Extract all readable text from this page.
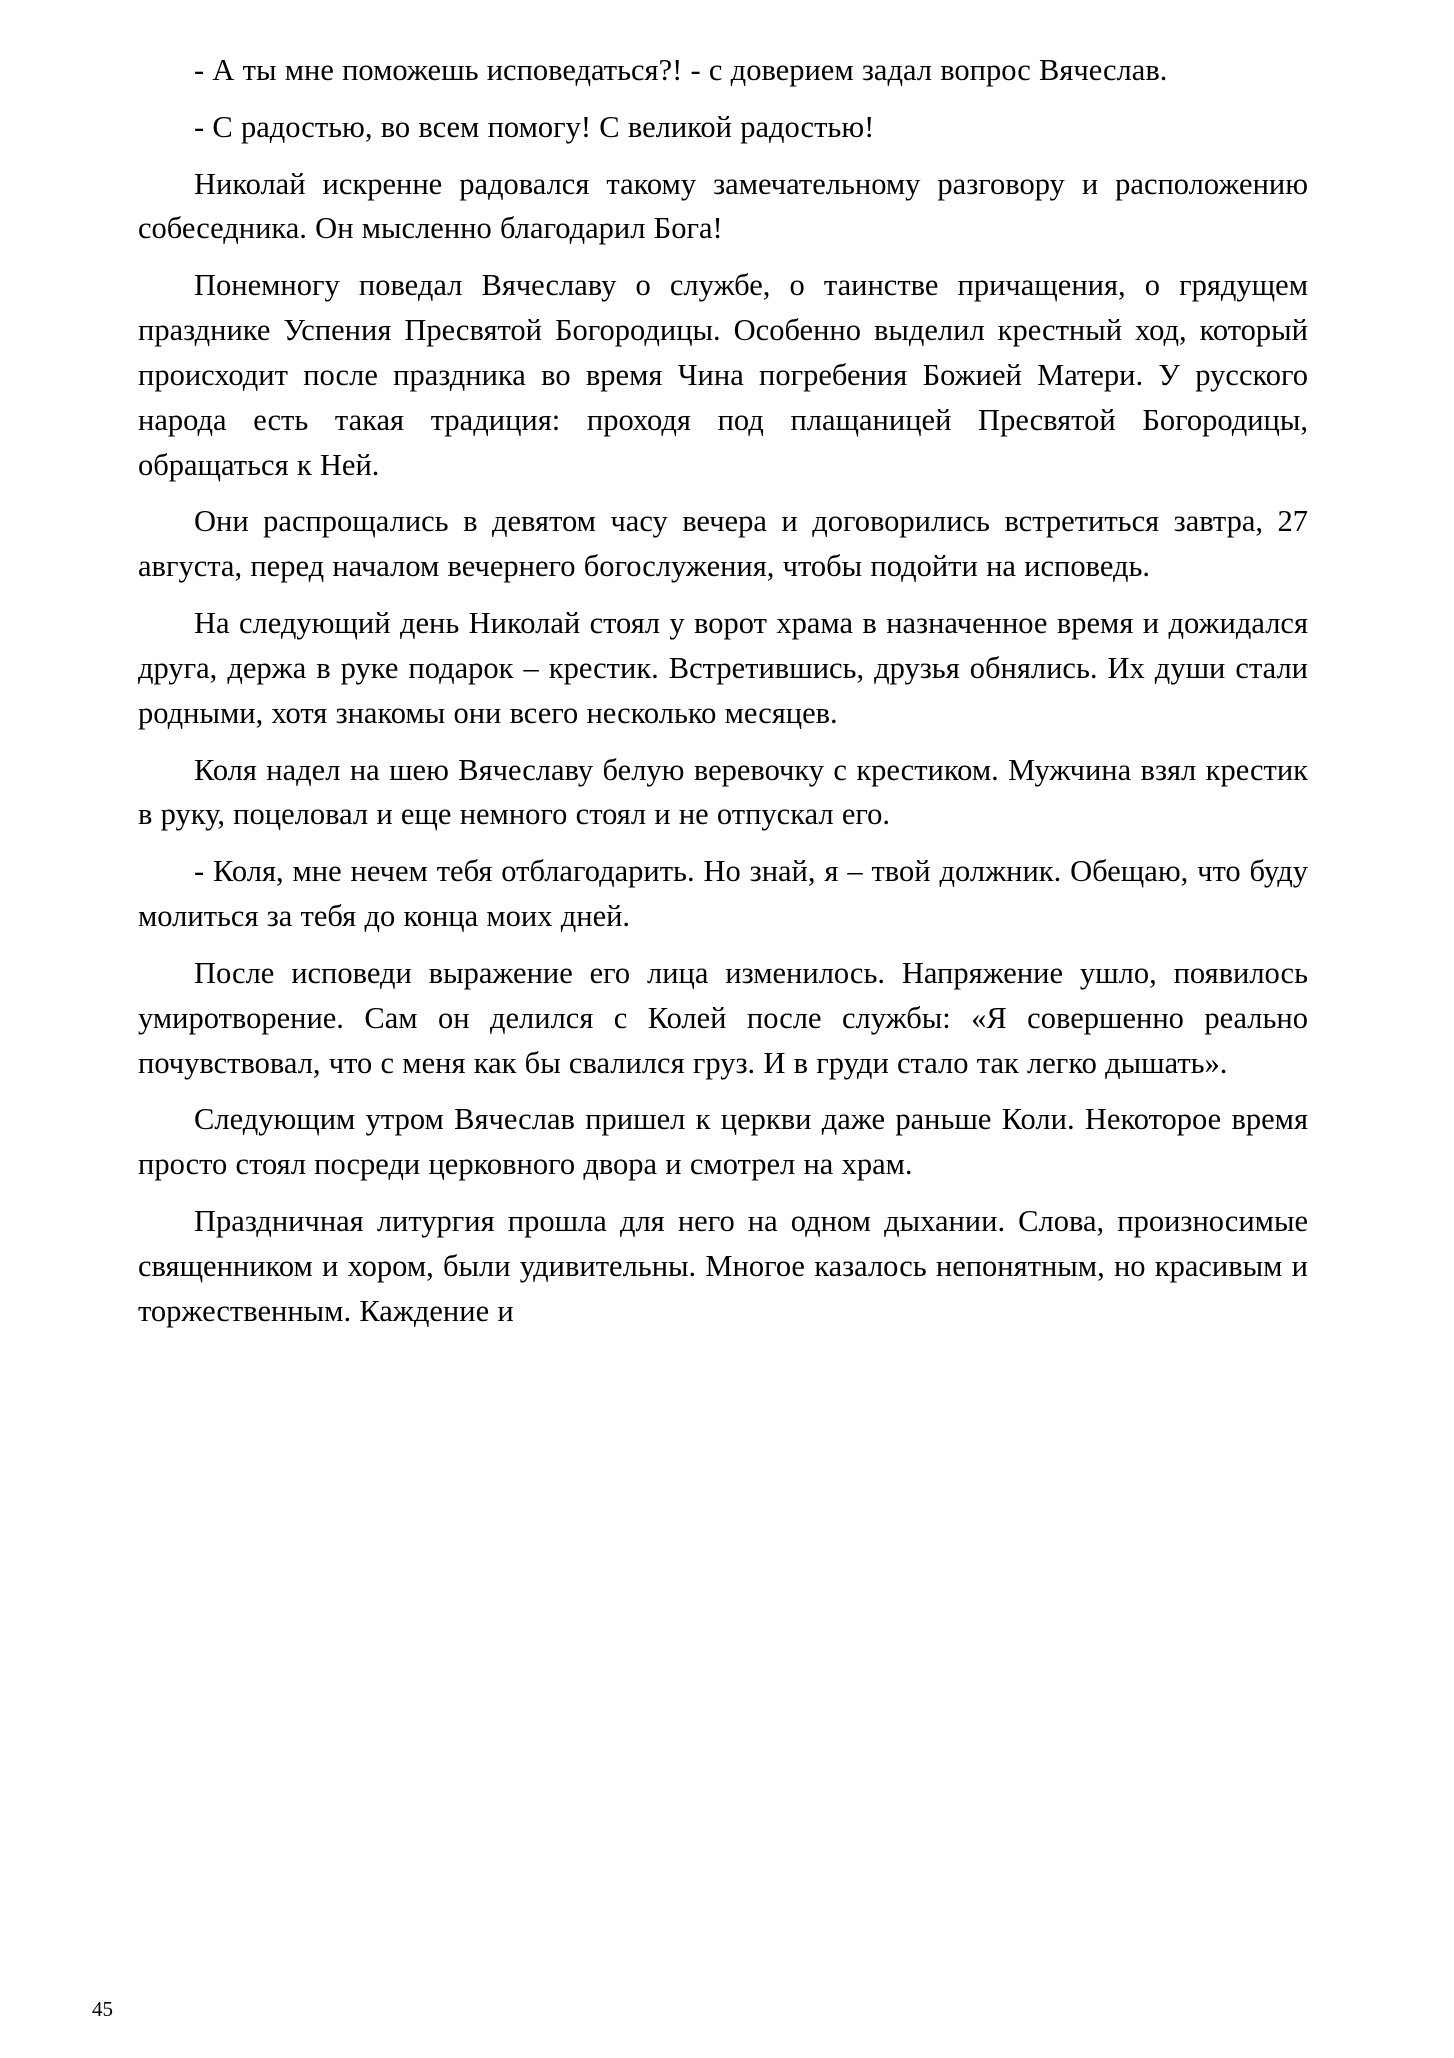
- А ты мне поможешь исповедаться?! - с доверием задал вопрос Вячеслав.

- С радостью, во всем помогу! С великой радостью!

Николай искренне радовался такому замечательному разговору и расположению собеседника. Он мысленно благодарил Бога!

Понемногу поведал Вячеславу о службе, о таинстве причащения, о грядущем празднике Успения Пресвятой Богородицы. Особенно выделил крестный ход, который происходит после праздника во время Чина погребения Божией Матери. У русского народа есть такая традиция: проходя под плащаницей Пресвятой Богородицы, обращаться к Ней.

Они распрощались в девятом часу вечера и договорились встретиться завтра, 27 августа, перед началом вечернего богослужения, чтобы подойти на исповедь.

На следующий день Николай стоял у ворот храма в назначенное время и дожидался друга, держа в руке подарок – крестик. Встретившись, друзья обнялись. Их души стали родными, хотя знакомы они всего несколько месяцев.

Коля надел на шею Вячеславу белую веревочку с крестиком. Мужчина взял крестик в руку, поцеловал и еще немного стоял и не отпускал его.

- Коля, мне нечем тебя отблагодарить. Но знай, я – твой должник. Обещаю, что буду молиться за тебя до конца моих дней.

После исповеди выражение его лица изменилось. Напряжение ушло, появилось умиротворение. Сам он делился с Колей после службы: «Я совершенно реально почувствовал, что с меня как бы свалился груз. И в груди стало так легко дышать».

Следующим утром Вячеслав пришел к церкви даже раньше Коли. Некоторое время просто стоял посреди церковного двора и смотрел на храм.

Праздничная литургия прошла для него на одном дыхании. Слова, произносимые священником и хором, были удивительны. Многое казалось непонятным, но красивым и торжественным. Каждение и

45
